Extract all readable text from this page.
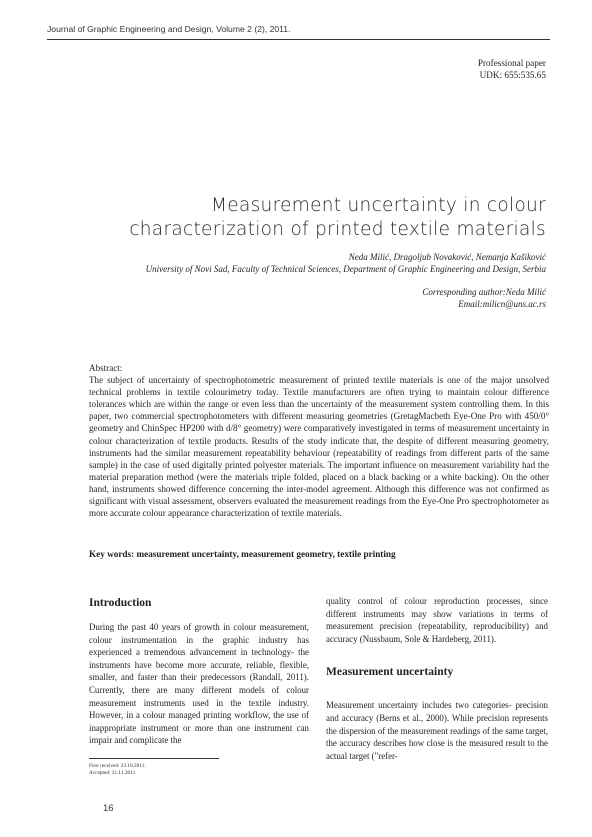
Journal of Graphic Engineering and Design, Volume 2 (2), 2011.
Professional paper
UDK: 655:535.65
Measurement uncertainty in colour
characterization of printed textile materials
Neda Milić, Dragoljub Novaković, Nemanja Kašiković
University of Novi Sad, Faculty of Technical Sciences, Department of Graphic Engineering and Design, Serbia
Corresponding author:Neda Milić
Email:milicn@uns.ac.rs
Abstract:
The subject of uncertainty of spectrophotometric measurement of printed textile materials is one of the major unsolved technical problems in textile colourimetry today. Textile manufacturers are often trying to maintain colour difference tolerances which are within the range or even less than the uncertainty of the measurement system controlling them. In this paper, two commercial spectrophotometers with different measuring geometries (GretagMacbeth Eye-One Pro with 450/0° geometry and ChinSpec HP200 with d/8° geometry) were comparatively investigated in terms of measurement uncertainty in colour characterization of textile products. Results of the study indicate that, the despite of different measuring geometry, instruments had the similar measurement repeatability behaviour (repeatability of readings from different parts of the same sample) in the case of used digitally printed polyester materials. The important influence on measurement variability had the material preparation method (were the materials triple folded, placed on a black backing or a white backing). On the other hand, instruments showed difference concerning the inter-model agreement. Although this difference was not confirmed as significant with visual assessment, observers evaluated the measurement readings from the Eye-One Pro spectrophotometer as more accurate colour appearance characterization of textile materials.
Key words: measurement uncertainty, measurement geometry, textile printing
Introduction

During the past 40 years of growth in colour measurement, colour instrumentation in the graphic industry has experienced a tremendous advancement in technology- the instruments have become more accurate, reliable, flexible, smaller, and faster than their predecessors (Randall, 2011). Currently, there are many different models of colour measurement instruments used in the textile industry. However, in a colour managed printing workflow, the use of inappropriate instrument or more than one instrument can impair and complicate the

quality control of colour reproduction processes, since different instruments may show variations in terms of measurement precision (repeatability, reproducibility) and accuracy (Nussbaum, Sole & Hardeberg, 2011).

Measurement uncertainty

Measurement uncertainty includes two categories- precision and accuracy (Berns et al., 2000). While precision represents the dispersion of the measurement readings of the same target, the accuracy describes how close is the measured result to the actual target ("refer-

First received: 23.10.2011.
Accepted: 31.11.2011.
16
